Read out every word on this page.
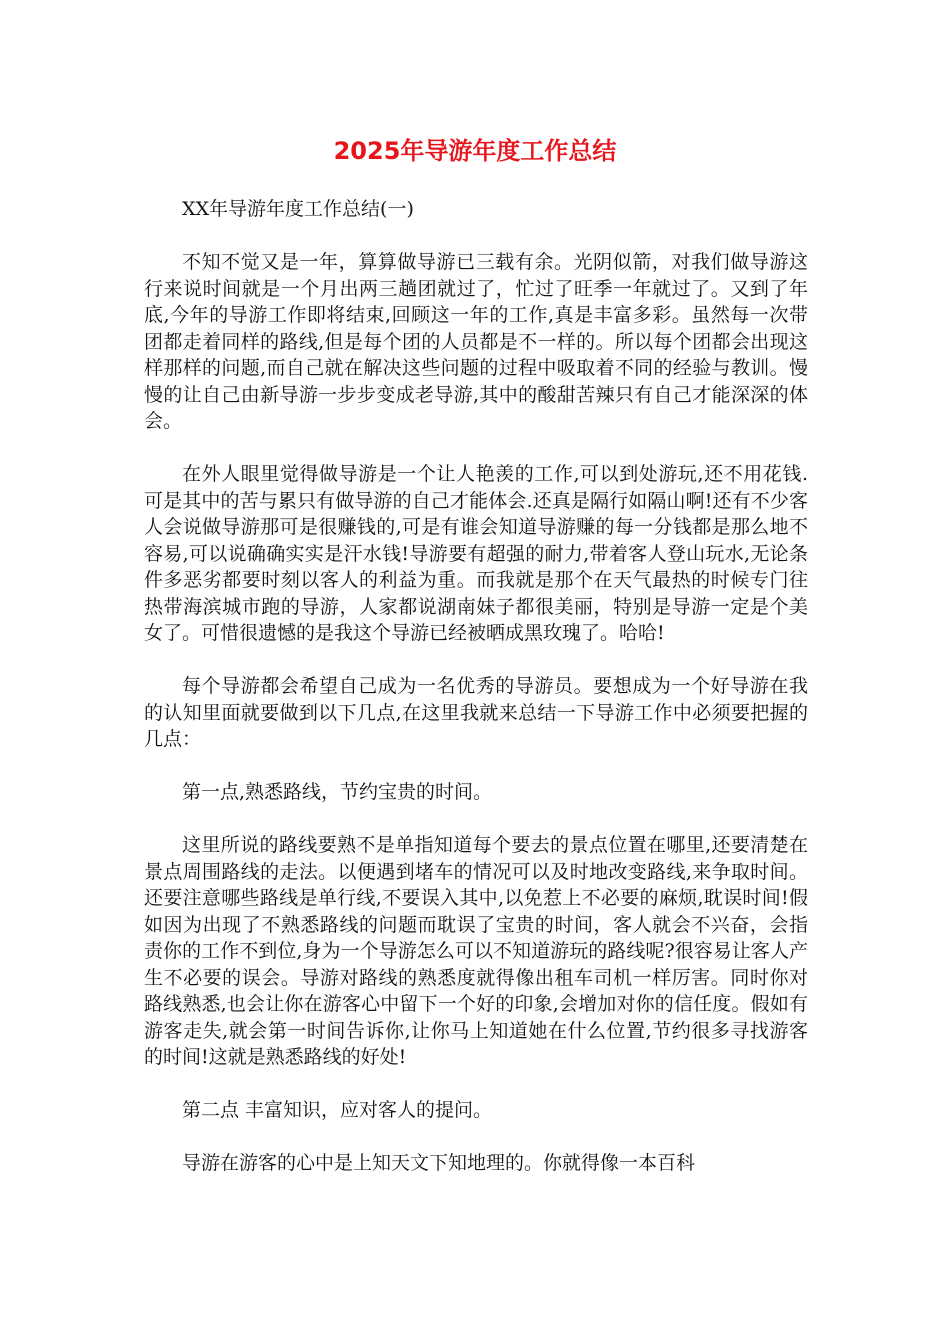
2025年导游年度工作总结

XX年导游年度工作总结(一)

不知不觉又是一年，算算做导游已三载有余。光阴似箭，对我们做导游这行来说时间就是一个月出两三趟团就过了，忙过了旺季一年就过了。又到了年底,今年的导游工作即将结束,回顾这一年的工作,真是丰富多彩。虽然每一次带团都走着同样的路线,但是每个团的人员都是不一样的。所以每个团都会出现这样那样的问题,而自己就在解决这些问题的过程中吸取着不同的经验与教训。慢慢的让自己由新导游一步步变成老导游,其中的酸甜苦辣只有自己才能深深的体会。

在外人眼里觉得做导游是一个让人艳羡的工作,可以到处游玩,还不用花钱.可是其中的苦与累只有做导游的自己才能体会.还真是隔行如隔山啊!还有不少客人会说做导游那可是很赚钱的,可是有谁会知道导游赚的每一分钱都是那么地不容易,可以说确确实实是汗水钱!导游要有超强的耐力,带着客人登山玩水,无论条件多恶劣都要时刻以客人的利益为重。而我就是那个在天气最热的时候专门往热带海滨城市跑的导游，人家都说湖南妹子都很美丽，特别是导游一定是个美女了。可惜很遗憾的是我这个导游已经被晒成黑玫瑰了。哈哈!

每个导游都会希望自己成为一名优秀的导游员。要想成为一个好导游在我的认知里面就要做到以下几点,在这里我就来总结一下导游工作中必须要把握的几点：

第一点,熟悉路线，节约宝贵的时间。

这里所说的路线要熟不是单指知道每个要去的景点位置在哪里,还要清楚在景点周围路线的走法。以便遇到堵车的情况可以及时地改变路线,来争取时间。还要注意哪些路线是单行线,不要误入其中,以免惹上不必要的麻烦,耽误时间!假如因为出现了不熟悉路线的问题而耽误了宝贵的时间，客人就会不兴奋，会指责你的工作不到位,身为一个导游怎么可以不知道游玩的路线呢?很容易让客人产生不必要的误会。导游对路线的熟悉度就得像出租车司机一样厉害。同时你对路线熟悉,也会让你在游客心中留下一个好的印象,会增加对你的信任度。假如有游客走失,就会第一时间告诉你,让你马上知道她在什么位置,节约很多寻找游客的时间!这就是熟悉路线的好处!

第二点 丰富知识，应对客人的提问。

导游在游客的心中是上知天文下知地理的。你就得像一本百科
